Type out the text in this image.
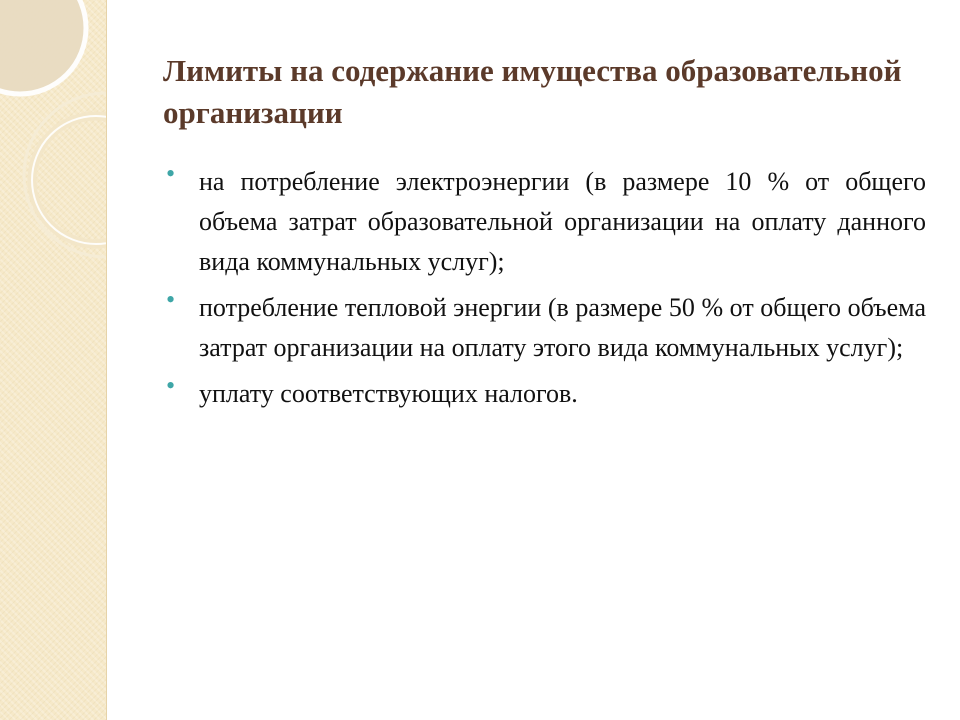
Лимиты на содержание имущества образовательной организации
• на потребление электроэнергии (в размере 10 % от общего объема затрат образовательной организации на оплату данного вида коммунальных услуг);
• потребление тепловой энергии (в размере 50 % от общего объема затрат организации на оплату этого вида коммунальных услуг);
• уплату соответствующих налогов.
